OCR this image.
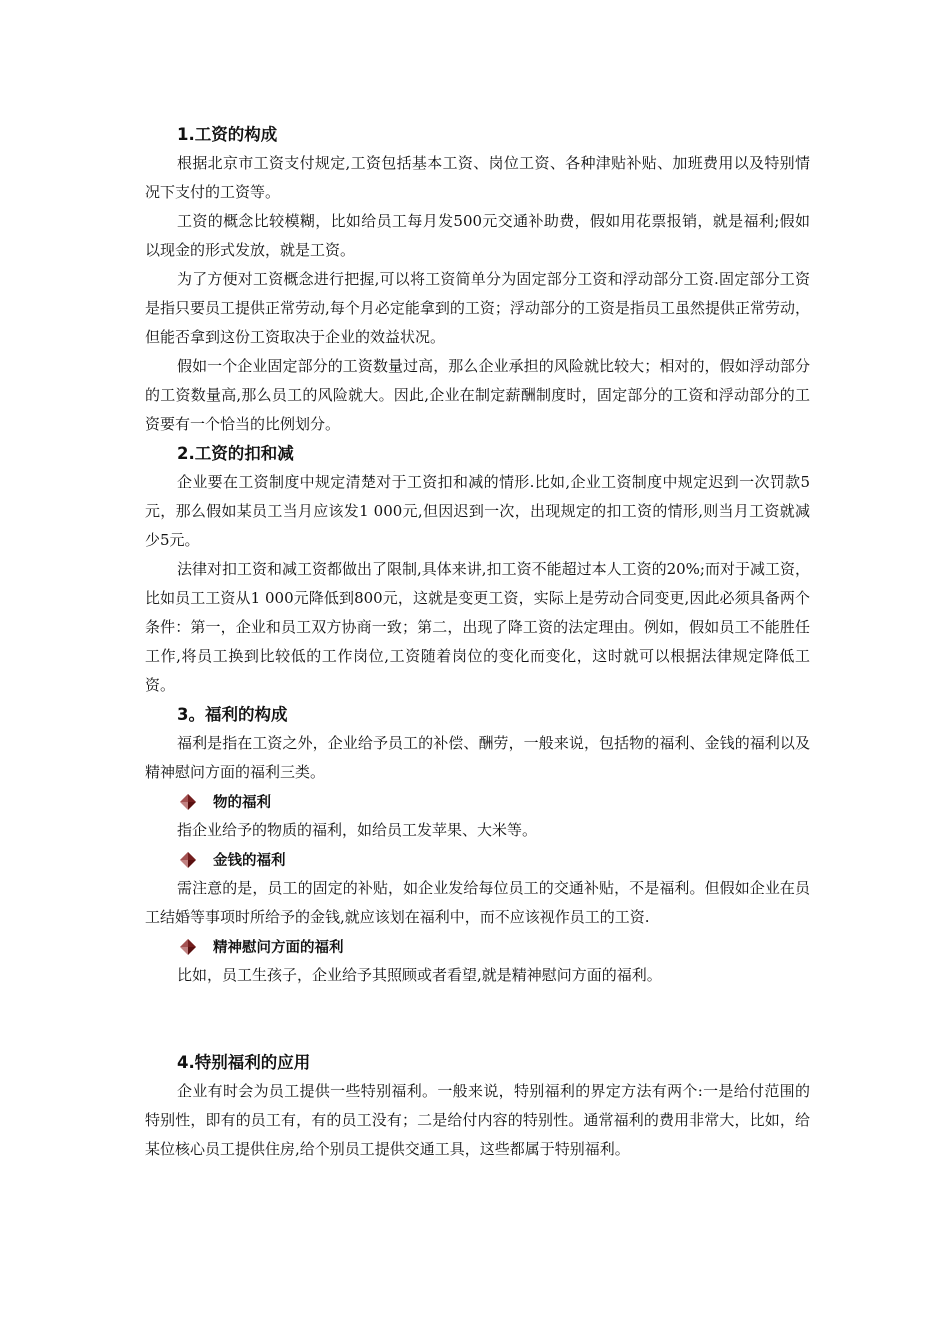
1.工资的构成

根据北京市工资支付规定,工资包括基本工资、岗位工资、各种津贴补贴、加班费用以及特别情况下支付的工资等。

工资的概念比较模糊，比如给员工每月发500元交通补助费，假如用花票报销，就是福利;假如以现金的形式发放，就是工资。

为了方便对工资概念进行把握,可以将工资简单分为固定部分工资和浮动部分工资.固定部分工资是指只要员工提供正常劳动,每个月必定能拿到的工资；浮动部分的工资是指员工虽然提供正常劳动，但能否拿到这份工资取决于企业的效益状况。

假如一个企业固定部分的工资数量过高，那么企业承担的风险就比较大；相对的，假如浮动部分的工资数量高,那么员工的风险就大。因此,企业在制定薪酬制度时，固定部分的工资和浮动部分的工资要有一个恰当的比例划分。

2.工资的扣和减

企业要在工资制度中规定清楚对于工资扣和减的情形.比如,企业工资制度中规定迟到一次罚款5元，那么假如某员工当月应该发1 000元,但因迟到一次，出现规定的扣工资的情形,则当月工资就减少5元。

法律对扣工资和减工资都做出了限制,具体来讲,扣工资不能超过本人工资的20%;而对于减工资，比如员工工资从1 000元降低到800元，这就是变更工资，实际上是劳动合同变更,因此必须具备两个条件：第一，企业和员工双方协商一致；第二，出现了降工资的法定理由。例如，假如员工不能胜任工作,将员工换到比较低的工作岗位,工资随着岗位的变化而变化，这时就可以根据法律规定降低工资。

3。福利的构成

福利是指在工资之外，企业给予员工的补偿、酬劳，一般来说，包括物的福利、金钱的福利以及精神慰问方面的福利三类。

物的福利

指企业给予的物质的福利，如给员工发苹果、大米等。

金钱的福利

需注意的是，员工的固定的补贴，如企业发给每位员工的交通补贴，不是福利。但假如企业在员工结婚等事项时所给予的金钱,就应该划在福利中，而不应该视作员工的工资.

精神慰问方面的福利

比如，员工生孩子，企业给予其照顾或者看望,就是精神慰问方面的福利。

4.特别福利的应用

企业有时会为员工提供一些特别福利。一般来说，特别福利的界定方法有两个:一是给付范围的特别性，即有的员工有，有的员工没有；二是给付内容的特别性。通常福利的费用非常大，比如，给某位核心员工提供住房,给个别员工提供交通工具，这些都属于特别福利。
